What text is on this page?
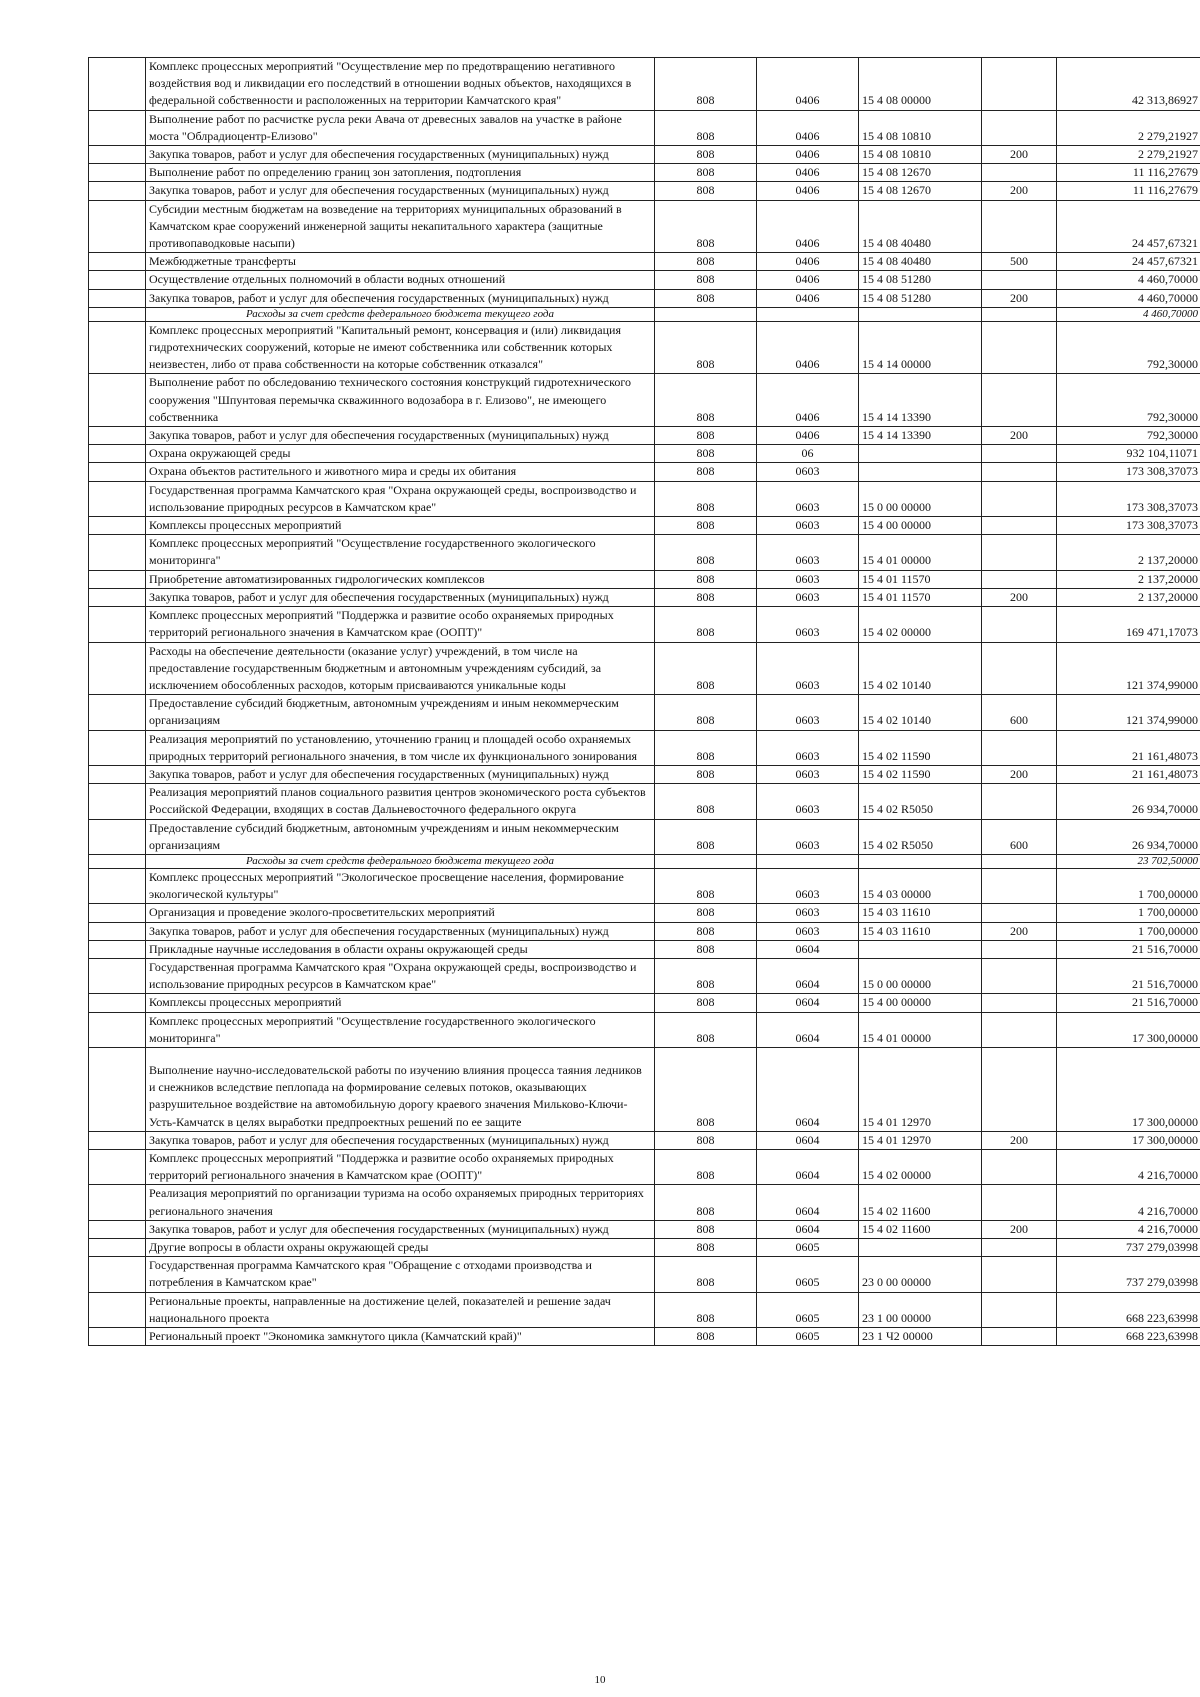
	Комплекс процессных мероприятий "Осуществление мер по предотвращению негативного воздействия вод и ликвидации его последствий в отношении водных объектов, находящихся в федеральной собственности и расположенных на территории Камчатского края"	808	0406	15 4 08 00000		42 313,86927
	Выполнение работ по расчистке русла реки Авача от древесных завалов на участке в районе моста "Облрадиоцентр-Елизово"	808	0406	15 4 08 10810		2 279,21927
	Закупка товаров, работ и услуг для обеспечения государственных (муниципальных) нужд	808	0406	15 4 08 10810	200	2 279,21927
	Выполнение работ по определению границ зон затопления, подтопления	808	0406	15 4 08 12670		11 116,27679
	Закупка товаров, работ и услуг для обеспечения государственных (муниципальных) нужд	808	0406	15 4 08 12670	200	11 116,27679
	Субсидии местным бюджетам на возведение на территориях муниципальных образований в Камчатском крае сооружений инженерной защиты некапитального характера (защитные противопаводковые насыпи)	808	0406	15 4 08 40480		24 457,67321
	Межбюджетные трансферты	808	0406	15 4 08 40480	500	24 457,67321
	Осуществление отдельных полномочий в области водных отношений	808	0406	15 4 08 51280		4 460,70000
	Закупка товаров, работ и услуг для обеспечения государственных (муниципальных) нужд	808	0406	15 4 08 51280	200	4 460,70000
	Расходы за счет средств федерального бюджета текущего года					4 460,70000
	Комплекс процессных мероприятий "Капитальный ремонт, консервация и (или) ликвидация гидротехнических сооружений, которые не имеют собственника или собственник которых неизвестен, либо от права собственности на которые собственник отказался"	808	0406	15 4 14 00000		792,30000
	Выполнение работ по обследованию технического состояния конструкций гидротехнического сооружения "Шпунтовая перемычка скважинного водозабора в г. Елизово", не имеющего собственника	808	0406	15 4 14 13390		792,30000
	Закупка товаров, работ и услуг для обеспечения государственных (муниципальных) нужд	808	0406	15 4 14 13390	200	792,30000
	Охрана окружающей среды	808	06			932 104,11071
	Охрана объектов растительного и животного мира и среды их обитания	808	0603			173 308,37073
	Государственная программа Камчатского края "Охрана окружающей среды, воспроизводство и использование природных ресурсов в Камчатском крае"	808	0603	15 0 00 00000		173 308,37073
	Комплексы процессных мероприятий	808	0603	15 4 00 00000		173 308,37073
	Комплекс процессных мероприятий "Осуществление государственного экологического мониторинга"	808	0603	15 4 01 00000		2 137,20000
	Приобретение автоматизированных гидрологических комплексов	808	0603	15 4 01 11570		2 137,20000
	Закупка товаров, работ и услуг для обеспечения государственных (муниципальных) нужд	808	0603	15 4 01 11570	200	2 137,20000
	Комплекс процессных мероприятий "Поддержка и развитие особо охраняемых природных территорий регионального значения в Камчатском крае (ООПТ)"	808	0603	15 4 02 00000		169 471,17073
	Расходы на обеспечение деятельности (оказание услуг) учреждений, в том числе на предоставление государственным бюджетным и автономным учреждениям субсидий, за исключением обособленных расходов, которым присваиваются уникальные коды	808	0603	15 4 02 10140		121 374,99000
	Предоставление субсидий бюджетным, автономным учреждениям и иным некоммерческим организациям	808	0603	15 4 02 10140	600	121 374,99000
	Реализация мероприятий по установлению, уточнению границ и площадей особо охраняемых природных территорий регионального значения, в том числе их функционального зонирования	808	0603	15 4 02 11590		21 161,48073
	Закупка товаров, работ и услуг для обеспечения государственных (муниципальных) нужд	808	0603	15 4 02 11590	200	21 161,48073
	Реализация мероприятий планов социального развития центров экономического роста субъектов Российской Федерации, входящих в состав Дальневосточного федерального округа	808	0603	15 4 02 R5050		26 934,70000
	Предоставление субсидий бюджетным, автономным учреждениям и иным некоммерческим организациям	808	0603	15 4 02 R5050	600	26 934,70000
	Расходы за счет средств федерального бюджета текущего года					23 702,50000
	Комплекс процессных мероприятий "Экологическое просвещение населения, формирование экологической культуры"	808	0603	15 4 03 00000		1 700,00000
	Организация и проведение эколого-просветительских мероприятий	808	0603	15 4 03 11610		1 700,00000
	Закупка товаров, работ и услуг для обеспечения государственных (муниципальных) нужд	808	0603	15 4 03 11610	200	1 700,00000
	Прикладные научные исследования в области охраны окружающей среды	808	0604			21 516,70000
	Государственная программа Камчатского края "Охрана окружающей среды, воспроизводство и использование природных ресурсов в Камчатском крае"	808	0604	15 0 00 00000		21 516,70000
	Комплексы процессных мероприятий	808	0604	15 4 00 00000		21 516,70000
	Комплекс процессных мероприятий "Осуществление государственного экологического мониторинга"	808	0604	15 4 01 00000		17 300,00000
	Выполнение научно-исследовательской работы по изучению влияния процесса таяния ледников и снежников вследствие пеплопада на формирование селевых потоков, оказывающих разрушительное воздействие на автомобильную дорогу краевого значения Мильково-Ключи-Усть-Камчатск в целях выработки предпроектных решений по ее защите	808	0604	15 4 01 12970		17 300,00000
	Закупка товаров, работ и услуг для обеспечения государственных (муниципальных) нужд	808	0604	15 4 01 12970	200	17 300,00000
	Комплекс процессных мероприятий "Поддержка и развитие особо охраняемых природных территорий регионального значения в Камчатском крае (ООПТ)"	808	0604	15 4 02 00000		4 216,70000
	Реализация мероприятий по организации туризма на особо охраняемых природных территориях регионального значения	808	0604	15 4 02 11600		4 216,70000
	Закупка товаров, работ и услуг для обеспечения государственных (муниципальных) нужд	808	0604	15 4 02 11600	200	4 216,70000
	Другие вопросы в области охраны окружающей среды	808	0605			737 279,03998
	Государственная программа Камчатского края "Обращение с отходами производства и потребления в Камчатском крае"	808	0605	23 0 00 00000		737 279,03998
	Региональные проекты, направленные на достижение целей, показателей и решение задач национального проекта	808	0605	23 1 00 00000		668 223,63998
	Региональный проект "Экономика замкнутого цикла (Камчатский край)"	808	0605	23 1 Ч2 00000		668 223,63998
10
